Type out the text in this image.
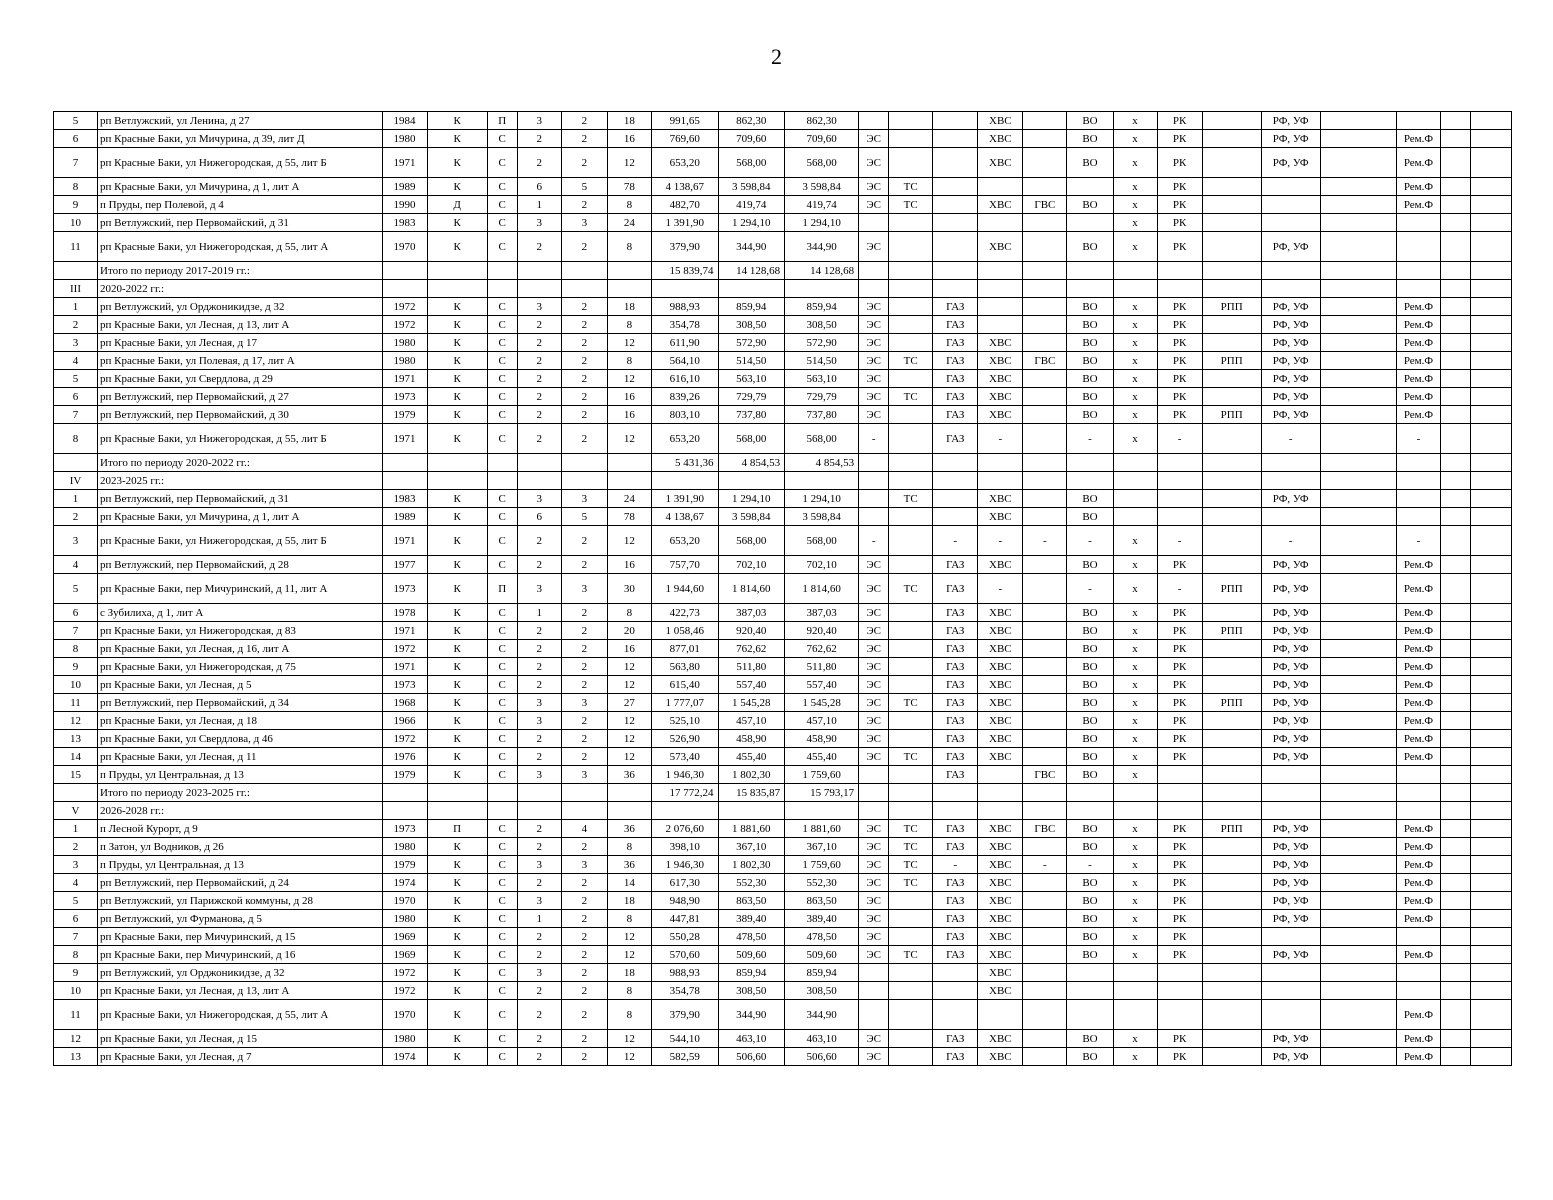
2
5	рп Ветлужский, ул Ленина, д 27	1984	К	П	3	2	18	991,65	862,30	862,30				ХВС		ВО	х	РК		РФ, УФ				
6	рп Красные Баки, ул Мичурина, д 39, лит Д	1980	К	С	2	2	16	769,60	709,60	709,60	ЭС			ХВС		ВО	х	РК		РФ, УФ		Рем.Ф		
7	рп Красные Баки, ул Нижегородская, д 55, лит Б	1971	К	С	2	2	12	653,20	568,00	568,00	ЭС			ХВС		ВО	х	РК		РФ, УФ		Рем.Ф		
8	рп Красные Баки, ул Мичурина, д 1, лит А	1989	К	С	6	5	78	4 138,67	3 598,84	3 598,84	ЭС	ТС					х	РК				Рем.Ф		
9	п Пруды, пер Полевой, д 4	1990	Д	С	1	2	8	482,70	419,74	419,74	ЭС	ТС		ХВС	ГВС	ВО	х	РК				Рем.Ф		
10	рп Ветлужский, пер Первомайский, д 31	1983	К	С	3	3	24	1 391,90	1 294,10	1 294,10							х	РК						
11	рп Красные Баки, ул Нижегородская, д 55, лит А	1970	К	С	2	2	8	379,90	344,90	344,90	ЭС			ХВС		ВО	х	РК		РФ, УФ				
	Итого по периоду 2017-2019 гг.:							15 839,74	14 128,68	14 128,68														
III	2020-2022 гг.:																							
1	рп Ветлужский, ул Орджоникидзе, д 32	1972	К	С	3	2	18	988,93	859,94	859,94	ЭС		ГАЗ			ВО	х	РК	РПП	РФ, УФ		Рем.Ф		
2	рп Красные Баки, ул Лесная, д 13, лит А	1972	К	С	2	2	8	354,78	308,50	308,50	ЭС		ГАЗ			ВО	х	РК		РФ, УФ		Рем.Ф		
3	рп Красные Баки, ул Лесная, д 17	1980	К	С	2	2	12	611,90	572,90	572,90	ЭС		ГАЗ	ХВС		ВО	х	РК		РФ, УФ		Рем.Ф		
4	рп Красные Баки, ул Полевая, д 17, лит А	1980	К	С	2	2	8	564,10	514,50	514,50	ЭС	ТС	ГАЗ	ХВС	ГВС	ВО	х	РК	РПП	РФ, УФ		Рем.Ф		
5	рп Красные Баки, ул Свердлова, д 29	1971	К	С	2	2	12	616,10	563,10	563,10	ЭС		ГАЗ	ХВС		ВО	х	РК		РФ, УФ		Рем.Ф		
6	рп Ветлужский, пер Первомайский, д 27	1973	К	С	2	2	16	839,26	729,79	729,79	ЭС	ТС	ГАЗ	ХВС		ВО	х	РК		РФ, УФ		Рем.Ф		
7	рп Ветлужский, пер Первомайский, д 30	1979	К	С	2	2	16	803,10	737,80	737,80	ЭС		ГАЗ	ХВС		ВО	х	РК	РПП	РФ, УФ		Рем.Ф		
8	рп Красные Баки, ул Нижегородская, д 55, лит Б	1971	К	С	2	2	12	653,20	568,00	568,00	-		ГАЗ	-		-	х	-		-		-		
	Итого по периоду 2020-2022 гг.:							5 431,36	4 854,53	4 854,53														
IV	2023-2025 гг.:																							
1	рп Ветлужский, пер Первомайский, д 31	1983	К	С	3	3	24	1 391,90	1 294,10	1 294,10		ТС		ХВС		ВО				РФ, УФ				
2	рп Красные Баки, ул Мичурина, д 1, лит А	1989	К	С	6	5	78	4 138,67	3 598,84	3 598,84				ХВС		ВО								
3	рп Красные Баки, ул Нижегородская, д 55, лит Б	1971	К	С	2	2	12	653,20	568,00	568,00	-		-	-	-	-	х	-		-		-		
4	рп Ветлужский, пер Первомайский, д 28	1977	К	С	2	2	16	757,70	702,10	702,10	ЭС		ГАЗ	ХВС		ВО	х	РК		РФ, УФ		Рем.Ф		
5	рп Красные Баки, пер Мичуринский, д 11, лит А	1973	К	П	3	3	30	1 944,60	1 814,60	1 814,60	ЭС	ТС	ГАЗ	-		-	х	-	РПП	РФ, УФ		Рем.Ф		
6	с Зубилиха, д 1, лит А	1978	К	С	1	2	8	422,73	387,03	387,03	ЭС		ГАЗ	ХВС		ВО	х	РК		РФ, УФ		Рем.Ф		
7	рп Красные Баки, ул Нижегородская, д 83	1971	К	С	2	2	20	1 058,46	920,40	920,40	ЭС		ГАЗ	ХВС		ВО	х	РК	РПП	РФ, УФ		Рем.Ф		
8	рп Красные Баки, ул Лесная, д 16, лит А	1972	К	С	2	2	16	877,01	762,62	762,62	ЭС		ГАЗ	ХВС		ВО	х	РК		РФ, УФ		Рем.Ф		
9	рп Красные Баки, ул Нижегородская, д 75	1971	К	С	2	2	12	563,80	511,80	511,80	ЭС		ГАЗ	ХВС		ВО	х	РК		РФ, УФ		Рем.Ф		
10	рп Красные Баки, ул Лесная, д 5	1973	К	С	2	2	12	615,40	557,40	557,40	ЭС		ГАЗ	ХВС		ВО	х	РК		РФ, УФ		Рем.Ф		
11	рп Ветлужский, пер Первомайский, д 34	1968	К	С	3	3	27	1 777,07	1 545,28	1 545,28	ЭС	ТС	ГАЗ	ХВС		ВО	х	РК	РПП	РФ, УФ		Рем.Ф		
12	рп Красные Баки, ул Лесная, д 18	1966	К	С	3	2	12	525,10	457,10	457,10	ЭС		ГАЗ	ХВС		ВО	х	РК		РФ, УФ		Рем.Ф		
13	рп Красные Баки, ул Свердлова, д 46	1972	К	С	2	2	12	526,90	458,90	458,90	ЭС		ГАЗ	ХВС		ВО	х	РК		РФ, УФ		Рем.Ф		
14	рп Красные Баки, ул Лесная, д 11	1976	К	С	2	2	12	573,40	455,40	455,40	ЭС	ТС	ГАЗ	ХВС		ВО	х	РК		РФ, УФ		Рем.Ф		
15	п Пруды, ул Центральная, д 13	1979	К	С	3	3	36	1 946,30	1 802,30	1 759,60			ГАЗ		ГВС	ВО	х							
	Итого по периоду 2023-2025 гг.:							17 772,24	15 835,87	15 793,17														
V	2026-2028 гг.:																							
1	п Лесной Курорт, д 9	1973	П	С	2	4	36	2 076,60	1 881,60	1 881,60	ЭС	ТС	ГАЗ	ХВС	ГВС	ВО	х	РК	РПП	РФ, УФ		Рем.Ф		
2	п Затон, ул Водников, д 26	1980	К	С	2	2	8	398,10	367,10	367,10	ЭС	ТС	ГАЗ	ХВС		ВО	х	РК		РФ, УФ		Рем.Ф		
3	п Пруды, ул Центральная, д 13	1979	К	С	3	3	36	1 946,30	1 802,30	1 759,60	ЭС	ТС	-	ХВС	-	-	х	РК		РФ, УФ		Рем.Ф		
4	рп Ветлужский, пер Первомайский, д 24	1974	К	С	2	2	14	617,30	552,30	552,30	ЭС	ТС	ГАЗ	ХВС		ВО	х	РК		РФ, УФ		Рем.Ф		
5	рп Ветлужский, ул Парижской коммуны, д 28	1970	К	С	3	2	18	948,90	863,50	863,50	ЭС		ГАЗ	ХВС		ВО	х	РК		РФ, УФ		Рем.Ф		
6	рп Ветлужский, ул Фурманова, д 5	1980	К	С	1	2	8	447,81	389,40	389,40	ЭС		ГАЗ	ХВС		ВО	х	РК		РФ, УФ		Рем.Ф		
7	рп Красные Баки, пер Мичуринский, д 15	1969	К	С	2	2	12	550,28	478,50	478,50	ЭС		ГАЗ	ХВС		ВО	х	РК						
8	рп Красные Баки, пер Мичуринский, д 16	1969	К	С	2	2	12	570,60	509,60	509,60	ЭС	ТС	ГАЗ	ХВС		ВО	х	РК		РФ, УФ		Рем.Ф		
9	рп Ветлужский, ул Орджоникидзе, д 32	1972	К	С	3	2	18	988,93	859,94	859,94				ХВС										
10	рп Красные Баки, ул Лесная, д 13, лит А	1972	К	С	2	2	8	354,78	308,50	308,50				ХВС										
11	рп Красные Баки, ул Нижегородская, д 55, лит А	1970	К	С	2	2	8	379,90	344,90	344,90												Рем.Ф		
12	рп Красные Баки, ул Лесная, д 15	1980	К	С	2	2	12	544,10	463,10	463,10	ЭС		ГАЗ	ХВС		ВО	х	РК		РФ, УФ		Рем.Ф		
13	рп Красные Баки, ул Лесная, д 7	1974	К	С	2	2	12	582,59	506,60	506,60	ЭС		ГАЗ	ХВС		ВО	х	РК		РФ, УФ		Рем.Ф		
